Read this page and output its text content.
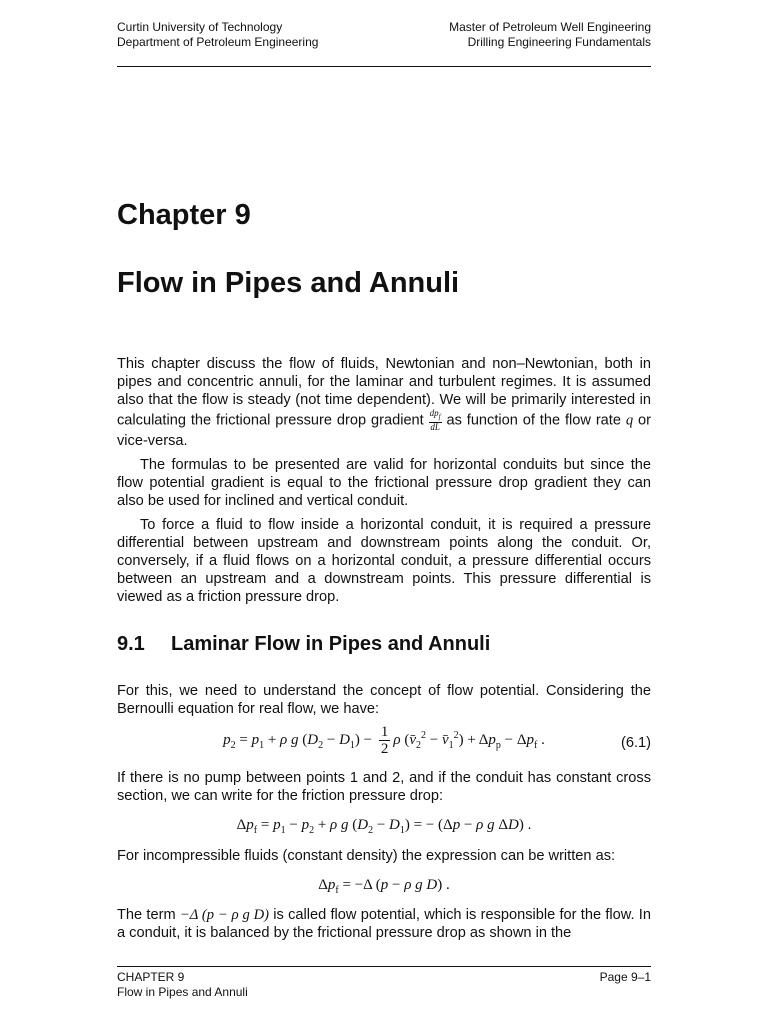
Curtin University of Technology
Department of Petroleum Engineering
Master of Petroleum Well Engineering
Drilling Engineering Fundamentals
Chapter 9
Flow in Pipes and Annuli

This chapter discuss the flow of fluids, Newtonian and non–Newtonian, both in pipes and concentric annuli, for the laminar and turbulent regimes. It is assumed also that the flow is steady (not time dependent). We will be primarily interested in calculating the frictional pressure drop gradient $\frac{dp_f}{dL}$ as function of the flow rate q or vice-versa.

The formulas to be presented are valid for horizontal conduits but since the flow potential gradient is equal to the frictional pressure drop gradient they can also be used for inclined and vertical conduit.

To force a fluid to flow inside a horizontal conduit, it is required a pressure differential between upstream and downstream points along the conduit. Or, conversely, if a fluid flows on a horizontal conduit, a pressure differential occurs between an upstream and a downstream points. This pressure differential is viewed as a friction pressure drop.

9.1 Laminar Flow in Pipes and Annuli

For this, we need to understand the concept of flow potential. Considering the Bernoulli equation for real flow, we have:

$p_2 = p_1 + \rho$ g $(D_2 - D_1) - \frac{1}{2}$ ρ ($v̄_2^2$ − $v̄_1^2) + \Delta p_p - \Delta p_f$ .	(6.1)

If there is no pump between points 1 and 2, and if the conduit has constant cross section, we can write for the friction pressure drop:

$\Delta p_f = p_1 - p_2 + \rho$ g $(D_2 - D_1)$ = − (Δp − ρ g ΔD) .

For incompressible fluids (constant density) the expression can be written as:

$\Delta p_f = -\Delta$ (p − ρ g D) .

The term −Δ (p − ρ g D) is called flow potential, which is responsible for the flow. In a conduit, it is balanced by the frictional pressure drop as shown in the

CHAPTER 9
Flow in Pipes and Annuli
Page 9–1
